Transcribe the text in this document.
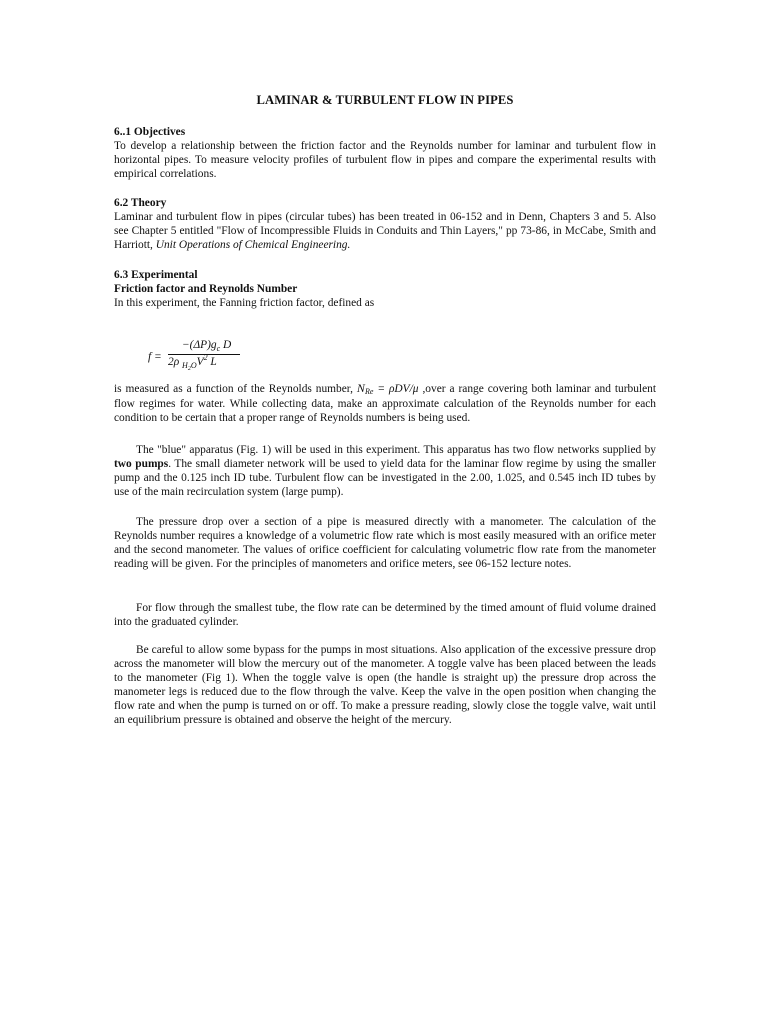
LAMINAR & TURBULENT FLOW IN PIPES
6..1 Objectives

To develop a relationship between the friction factor and the Reynolds number for laminar and turbulent flow in horizontal pipes. To measure velocity profiles of turbulent flow in pipes and compare the experimental results with empirical correlations.

6.2 Theory

Laminar and turbulent flow in pipes (circular tubes) has been treated in 06-152 and in Denn, Chapters 3 and 5. Also see Chapter 5 entitled "Flow of Incompressible Fluids in Conduits and Thin Layers," pp 73-86, in McCabe, Smith and Harriott, Unit Operations of Chemical Engineering.

6.3 Experimental
Friction factor and Reynolds Number

In this experiment, the Fanning friction factor, defined as

f =
$-(\Delta P)g_c$ D
2ρ $_{H_2O}V^2$ L

is measured as a function of the Reynolds number, NRe = ρDV/μ ,over a range covering both laminar and turbulent flow regimes for water. While collecting data, make an approximate calculation of the Reynolds number for each condition to be certain that a proper range of Reynolds numbers is being used.

The "blue" apparatus (Fig. 1) will be used in this experiment. This apparatus has two flow networks supplied by two pumps. The small diameter network will be used to yield data for the laminar flow regime by using the smaller pump and the 0.125 inch ID tube. Turbulent flow can be investigated in the 2.00, 1.025, and 0.545 inch ID tubes by use of the main recirculation system (large pump).

The pressure drop over a section of a pipe is measured directly with a manometer. The calculation of the Reynolds number requires a knowledge of a volumetric flow rate which is most easily measured with an orifice meter and the second manometer. The values of orifice coefficient for calculating volumetric flow rate from the manometer reading will be given. For the principles of manometers and orifice meters, see 06-152 lecture notes.

For flow through the smallest tube, the flow rate can be determined by the timed amount of fluid volume drained into the graduated cylinder.

Be careful to allow some bypass for the pumps in most situations. Also application of the excessive pressure drop across the manometer will blow the mercury out of the manometer. A toggle valve has been placed between the leads to the manometer (Fig 1). When the toggle valve is open (the handle is straight up) the pressure drop across the manometer legs is reduced due to the flow through the valve. Keep the valve in the open position when changing the flow rate and when the pump is turned on or off. To make a pressure reading, slowly close the toggle valve, wait until an equilibrium pressure is obtained and observe the height of the mercury.
